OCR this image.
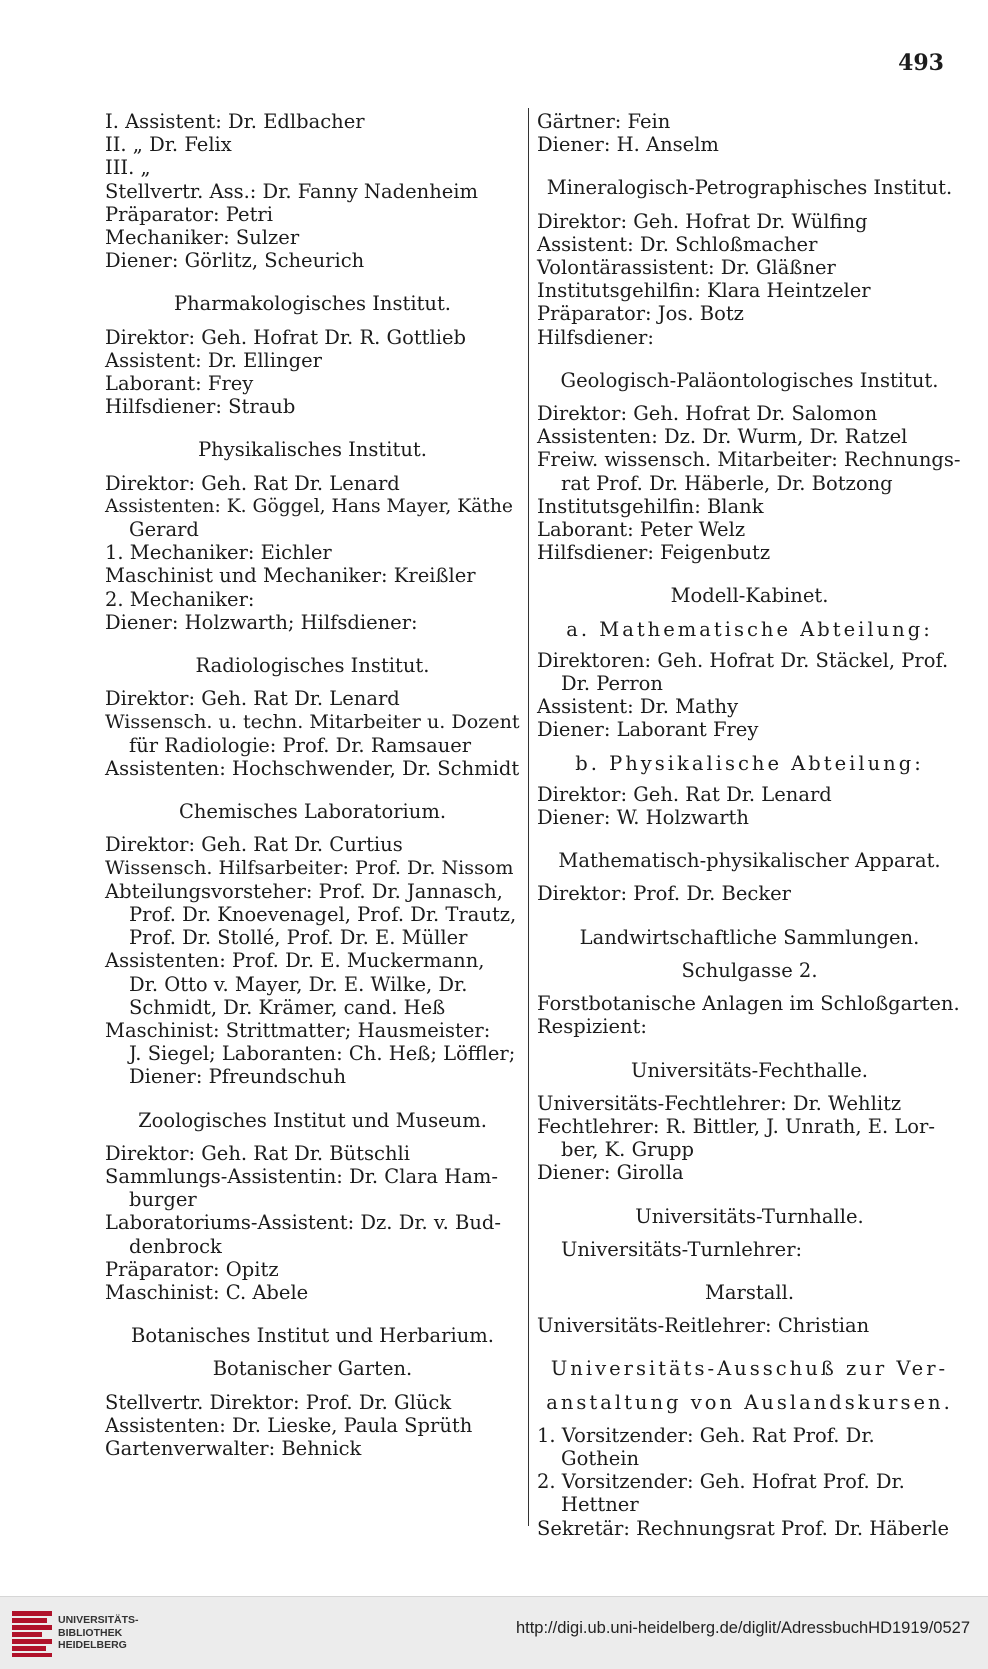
493
I. Assistent: Dr. Edlbacher
II. „ Dr. Felix
III. „
Stellvertr. Ass.: Dr. Fanny Nadenheim
Präparator: Petri
Mechaniker: Sulzer
Diener: Görlitz, Scheurich
Pharmakologisches Institut.
Direktor: Geh. Hofrat Dr. R. Gottlieb
Assistent: Dr. Ellinger
Laborant: Frey
Hilfsdiener: Straub
Physikalisches Institut.
Direktor: Geh. Rat Dr. Lenard
Assistenten: K. Göggel, Hans Mayer, Käthe
Gerard
1. Mechaniker: Eichler
Maschinist und Mechaniker: Kreißler
2. Mechaniker:
Diener: Holzwarth; Hilfsdiener:
Radiologisches Institut.
Direktor: Geh. Rat Dr. Lenard
Wissensch. u. techn. Mitarbeiter u. Dozent
für Radiologie: Prof. Dr. Ramsauer
Assistenten: Hochschwender, Dr. Schmidt
Chemisches Laboratorium.
Direktor: Geh. Rat Dr. Curtius
Wissensch. Hilfsarbeiter: Prof. Dr. Nissom
Abteilungsvorsteher: Prof. Dr. Jannasch,
Prof. Dr. Knoevenagel, Prof. Dr. Trautz,
Prof. Dr. Stollé, Prof. Dr. E. Müller
Assistenten: Prof. Dr. E. Muckermann,
Dr. Otto v. Mayer, Dr. E. Wilke, Dr.
Schmidt, Dr. Krämer, cand. Heß
Maschinist: Strittmatter; Hausmeister:
J. Siegel; Laboranten: Ch. Heß; Löffler;
Diener: Pfreundschuh
Zoologisches Institut und Museum.
Direktor: Geh. Rat Dr. Bütschli
Sammlungs-Assistentin: Dr. Clara Ham-
burger
Laboratoriums-Assistent: Dz. Dr. v. Bud-
denbrock
Präparator: Opitz
Maschinist: C. Abele
Botanisches Institut und Herbarium.
Botanischer Garten.
Stellvertr. Direktor: Prof. Dr. Glück
Assistenten: Dr. Lieske, Paula Sprüth
Gartenverwalter: Behnick
Gärtner: Fein
Diener: H. Anselm
Mineralogisch-Petrographisches Institut.
Direktor: Geh. Hofrat Dr. Wülfing
Assistent: Dr. Schloßmacher
Volontärassistent: Dr. Gläßner
Institutsgehilfin: Klara Heintzeler
Präparator: Jos. Botz
Hilfsdiener:
Geologisch-Paläontologisches Institut.
Direktor: Geh. Hofrat Dr. Salomon
Assistenten: Dz. Dr. Wurm, Dr. Ratzel
Freiw. wissensch. Mitarbeiter: Rechnungs-
rat Prof. Dr. Häberle, Dr. Botzong
Institutsgehilfin: Blank
Laborant: Peter Welz
Hilfsdiener: Feigenbutz
Modell-Kabinet.
a. Mathematische Abteilung:
Direktoren: Geh. Hofrat Dr. Stäckel, Prof.
Dr. Perron
Assistent: Dr. Mathy
Diener: Laborant Frey
b. Physikalische Abteilung:
Direktor: Geh. Rat Dr. Lenard
Diener: W. Holzwarth
Mathematisch-physikalischer Apparat.
Direktor: Prof. Dr. Becker
Landwirtschaftliche Sammlungen.
Schulgasse 2.
Forstbotanische Anlagen im Schloßgarten.
Respizient:
Universitäts-Fechthalle.
Universitäts-Fechtlehrer: Dr. Wehlitz
Fechtlehrer: R. Bittler, J. Unrath, E. Lor-
ber, K. Grupp
Diener: Girolla
Universitäts-Turnhalle.
Universitäts-Turnlehrer:
Marstall.
Universitäts-Reitlehrer: Christian
Universitäts-Ausschuß zur Ver-
anstaltung von Auslandskursen.
1. Vorsitzender: Geh. Rat Prof. Dr.
Gothein
2. Vorsitzender: Geh. Hofrat Prof. Dr.
Hettner
Sekretär: Rechnungsrat Prof. Dr. Häberle
UNIVERSITÄTS-
BIBLIOTHEK
HEIDELBERG
http://digi.ub.uni-heidelberg.de/diglit/AdressbuchHD1919/0527
